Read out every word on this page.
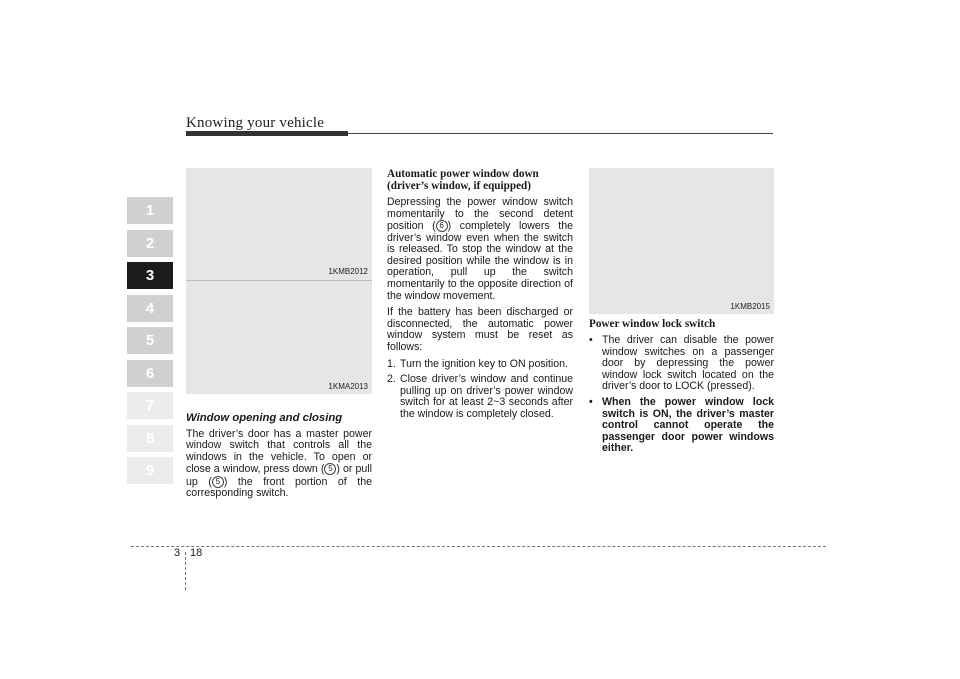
Knowing your vehicle
1
2
3
4
5
6
7
8
9
1KMB2012
1KMA2013
1KMB2015
Window opening and closing

The driver’s door has a master power window switch that controls all the windows in the vehicle. To open or close a window, press down ( 5 ) or pull up ( 5 ) the front portion of the corresponding switch.

Automatic power window down
(driver’s window, if equipped)

Depressing the power window switch momentarily to the second detent position ( 6 ) completely lowers the driver’s window even when the switch is released. To stop the window at the desired position while the window is in operation, pull up the switch momentarily to the opposite direction of the window movement.

If the battery has been discharged or disconnected, the automatic power window system must be reset as follows:

1. Turn the ignition key to ON position.
2. Close driver’s window and continue pulling up on driver’s power window switch for at least 2~3 seconds after the window is completely closed.
Power window lock switch
• The driver can disable the power window switches on a passenger door by depressing the power window lock switch located on the driver’s door to LOCK (pressed).
• When the power window lock switch is ON, the driver’s master control cannot operate the passenger door power windows either.
3 18
